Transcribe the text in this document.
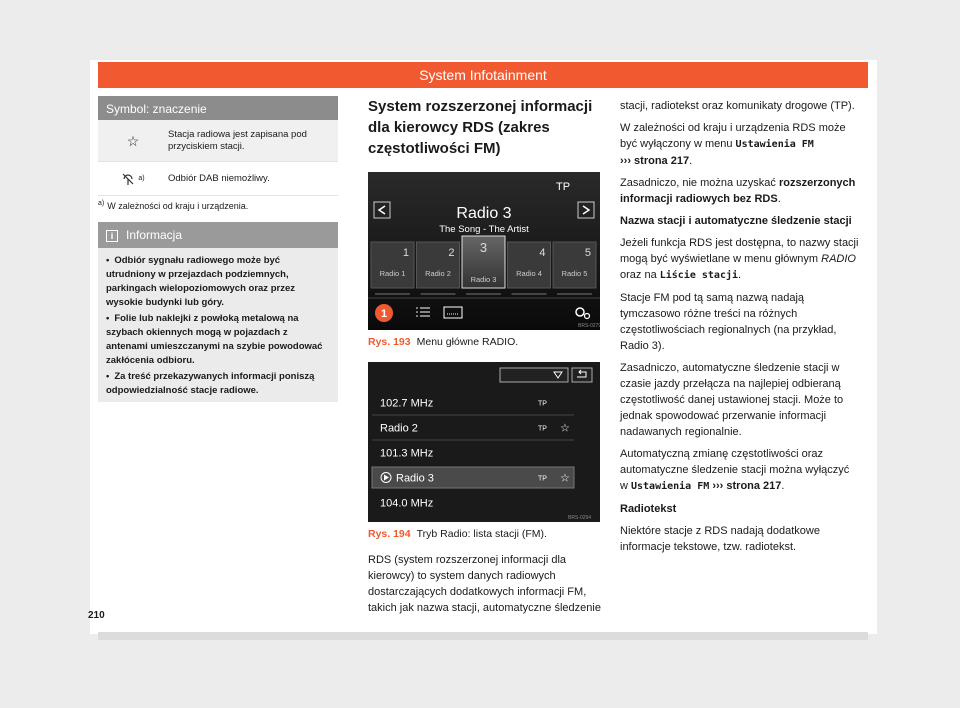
System Infotainment
Symbol: znaczenie
☆	Stacja radiowa jest zapisana pod przyciskiem stacji.
a) Odbiór DAB niemożliwy.
$^{a)}$ W zależności od kraju i urządzenia.
i Informacja
• Odbiór sygnału radiowego może być utrudniony w przejazdach podziemnych, parkingach wielopoziomowych oraz przez wysokie budynki lub góry.
• Folie lub naklejki z powłoką metalową na szybach okiennych mogą w pojazdach z antenami umieszczanymi na szybie powodować zakłócenia odbioru.
• Za treść przekazywanych informacji poniszą odpowiedzialność stacje radiowe.
System rozszerzonej informacji dla kierowcy RDS (zakres częstotliwości FM)
TP
Radio 3
The Song - The Artist
1
Radio 1
2
Radio 2
3
Radio 3
4
Radio 4
5
Radio 5
1
BRS-0279
Rys. 193 Menu główne RADIO.
102.7 MHz	TP
Radio 2	TP ☆
101.3 MHz
Radio 3	TP ☆
104.0 MHz
BRS-0294
Rys. 194 Tryb Radio: lista stacji (FM).
RDS (system rozszerzonej informacji dla kierowcy) to system danych radiowych dostarczających dodatkowych informacji FM, takich jak nazwa stacji, automatyczne śledzenie

stacji, radiotekst oraz komunikaty drogowe (TP).

W zależności od kraju i urządzenia RDS może być wyłączony w menu Ustawienia FM
››› strona 217.

Zasadniczo, nie można uzyskać rozszerzonych informacji radiowych bez RDS.

Nazwa stacji i automatyczne śledzenie stacji

Jeżeli funkcja RDS jest dostępna, to nazwy stacji mogą być wyświetlane w menu głównym RADIO oraz na Liście stacji.

Stacje FM pod tą samą nazwą nadają tymczasowo różne treści na różnych częstotliwościach regionalnych (na przykład, Radio 3).

Zasadniczo, automatyczne śledzenie stacji w czasie jazdy przełącza na najlepiej odbieraną częstotliwość danej ustawionej stacji. Może to jednak spowodować przerwanie informacji nadawanych regionalnie.

Automatyczną zmianę częstotliwości oraz automatyczne śledzenie stacji można wyłączyć w Ustawienia FM ››› strona 217.

Radiotekst

Niektóre stacje z RDS nadają dodatkowe informacje tekstowe, tzw. radiotekst.

210
